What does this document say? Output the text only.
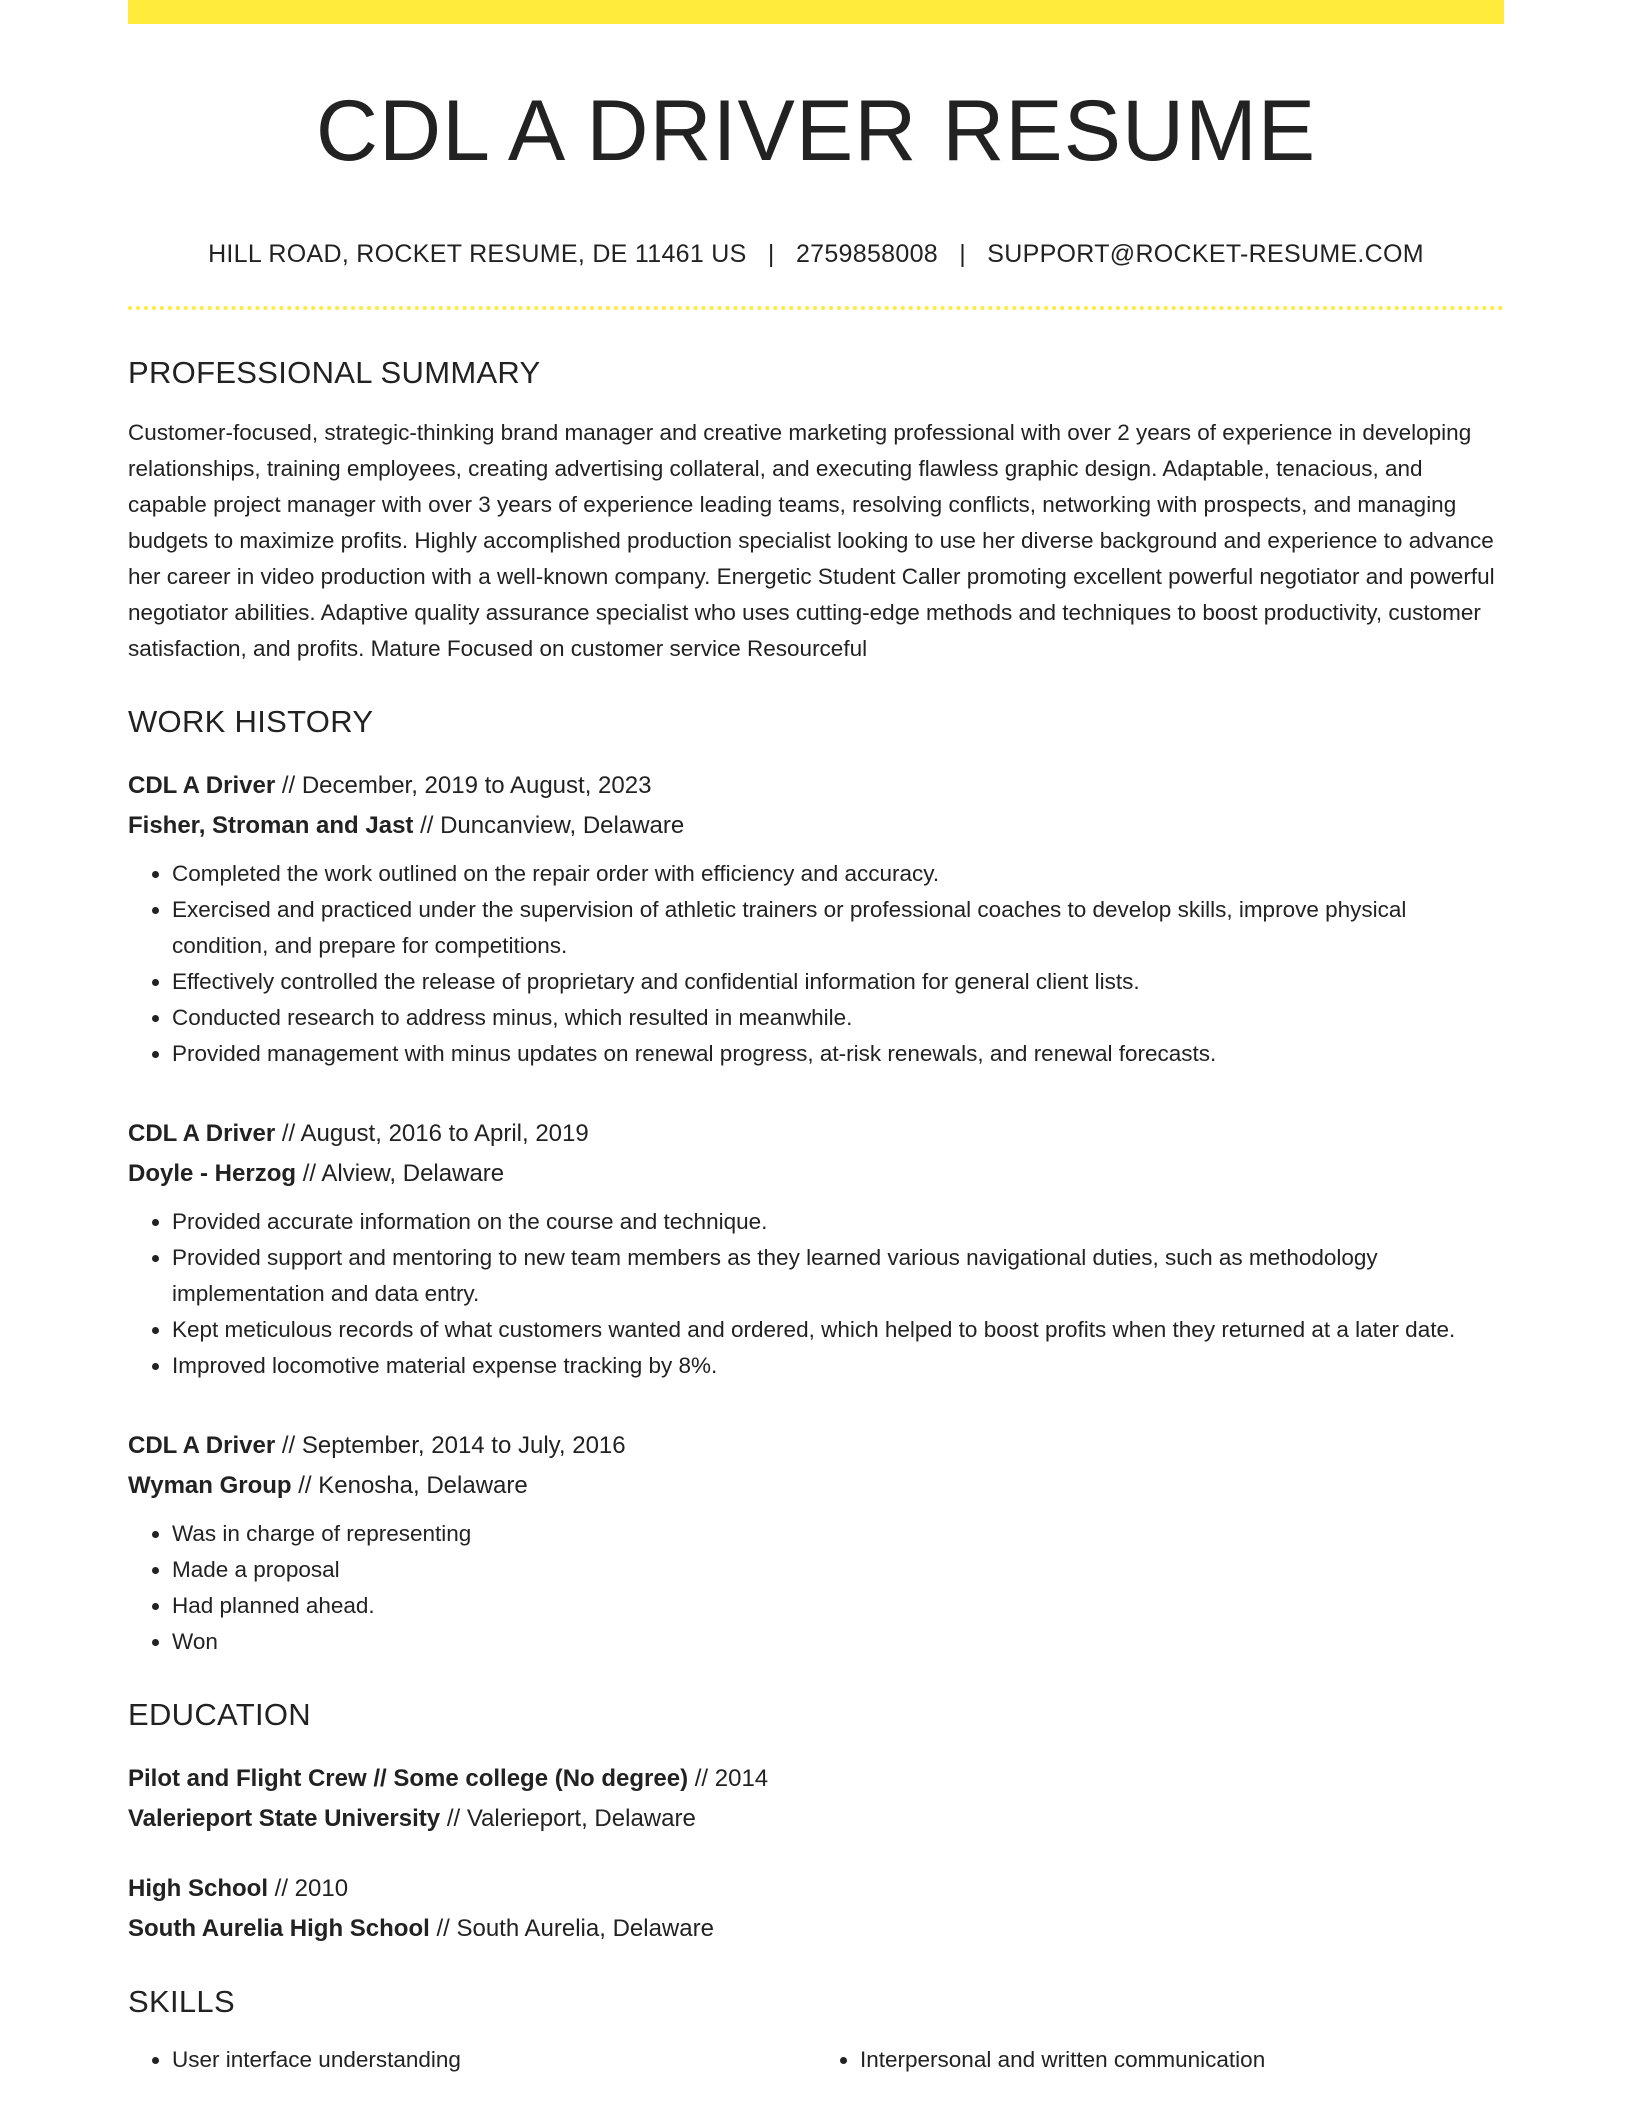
CDL A DRIVER RESUME
HILL ROAD, ROCKET RESUME, DE 11461 US | 2759858008 | SUPPORT@ROCKET-RESUME.COM
PROFESSIONAL SUMMARY

Customer-focused, strategic-thinking brand manager and creative marketing professional with over 2 years of experience in developing relationships, training employees, creating advertising collateral, and executing flawless graphic design. Adaptable, tenacious, and capable project manager with over 3 years of experience leading teams, resolving conflicts, networking with prospects, and managing budgets to maximize profits. Highly accomplished production specialist looking to use her diverse background and experience to advance her career in video production with a well-known company. Energetic Student Caller promoting excellent powerful negotiator and powerful negotiator abilities. Adaptive quality assurance specialist who uses cutting-edge methods and techniques to boost productivity, customer satisfaction, and profits. Mature Focused on customer service Resourceful

WORK HISTORY
CDL A Driver // December, 2019 to August, 2023
Fisher, Stroman and Jast // Duncanview, Delaware
• Completed the work outlined on the repair order with efficiency and accuracy.
• Exercised and practiced under the supervision of athletic trainers or professional coaches to develop skills, improve physical condition, and prepare for competitions.
• Effectively controlled the release of proprietary and confidential information for general client lists.
• Conducted research to address minus, which resulted in meanwhile.
• Provided management with minus updates on renewal progress, at-risk renewals, and renewal forecasts.
CDL A Driver // August, 2016 to April, 2019
Doyle - Herzog // Alview, Delaware
• Provided accurate information on the course and technique.
• Provided support and mentoring to new team members as they learned various navigational duties, such as methodology implementation and data entry.
• Kept meticulous records of what customers wanted and ordered, which helped to boost profits when they returned at a later date.
• Improved locomotive material expense tracking by 8%.
CDL A Driver // September, 2014 to July, 2016
Wyman Group // Kenosha, Delaware
• Was in charge of representing
• Made a proposal
• Had planned ahead.
• Won
EDUCATION
Pilot and Flight Crew // Some college (No degree) // 2014
Valerieport State University // Valerieport, Delaware
High School // 2010
South Aurelia High School // South Aurelia, Delaware
SKILLS
• User interface understanding
•	Interpersonal and written communication
